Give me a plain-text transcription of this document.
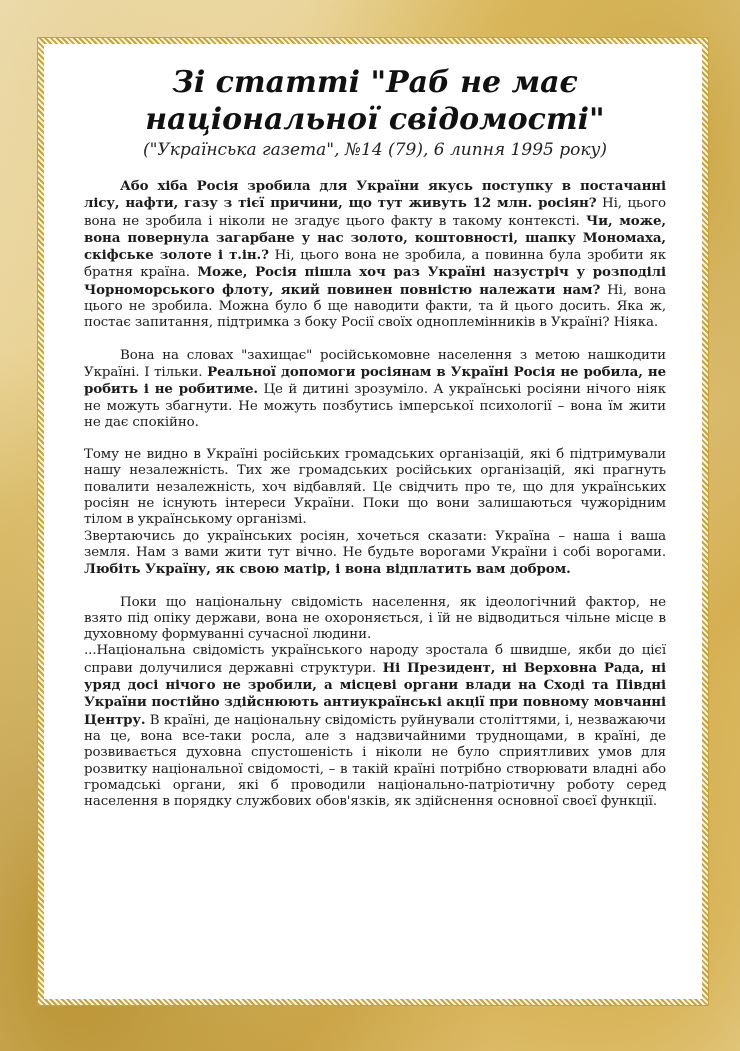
Зі статті "Раб не має національної свідомості"
("Українська газета", №14 (79), 6 липня 1995 року)

Або хіба Росія зробила для України якусь поступку в постачанні лісу, нафти, газу з тієї причини, що тут живуть 12 млн. росіян? Ні, цього вона не зробила і ніколи не згадує цього факту в такому контексті. Чи, може, вона повернула загарбане у нас золото, коштовності, шапку Мономаха, скіфське золоте і т.ін.? Ні, цього вона не зробила, а повинна була зробити як братня країна. Може, Росія пішла хоч раз Україні назустріч у розподілі Чорноморського флоту, який повинен повністю належати нам? Ні, вона цього не зробила. Можна було б ще наводити факти, та й цього досить. Яка ж, постає запитання, підтримка з боку Росії своїх одноплемінників в Україні? Ніяка.

Вона на словах "захищає" російськомовне населення з метою нашкодити Україні. І тільки. Реальної допомоги росіянам в Україні Росія не робила, не робить і не робитиме. Це й дитині зрозуміло. А українські росіяни нічого ніяк не можуть збагнути. Не можуть позбутись імперської психології – вона їм жити не дає спокійно.

Тому не видно в Україні російських громадських організацій, які б підтримували нашу незалежність. Тих же громадських російських організацій, які прагнуть повалити незалежність, хоч відбавляй. Це свідчить про те, що для українських росіян не існують інтереси України. Поки що вони залишаються чужорідним тілом в українському організмі.

Звертаючись до українських росіян, хочеться сказати: Україна – наша і ваша земля. Нам з вами жити тут вічно. Не будьте ворогами України і собі ворогами. Любіть Україну, як свою матір, і вона відплатить вам добром.

Поки що національну свідомість населення, як ідеологічний фактор, не взято під опіку держави, вона не охороняється, і їй не відводиться чільне місце в духовному формуванні сучасної людини.

...Національна свідомість українського народу зростала б швидше, якби до цієї справи долучилися державні структури. Ні Президент, ні Верховна Рада, ні уряд досі нічого не зробили, а місцеві органи влади на Сході та Півдні України постійно здійснюють антиукраїнські акції при повному мовчанні Центру. В країні, де національну свідомість руйнували століттями, і, незважаючи на це, вона все-таки росла, але з надзвичайними труднощами, в країні, де розвивається духовна спустошеність і ніколи не було сприятливих умов для розвитку національної свідомості, – в такій країні потрібно створювати владні або громадські органи, які б проводили національно-патріотичну роботу серед населення в порядку службових обов'язків, як здійснення основної своєї функції.
